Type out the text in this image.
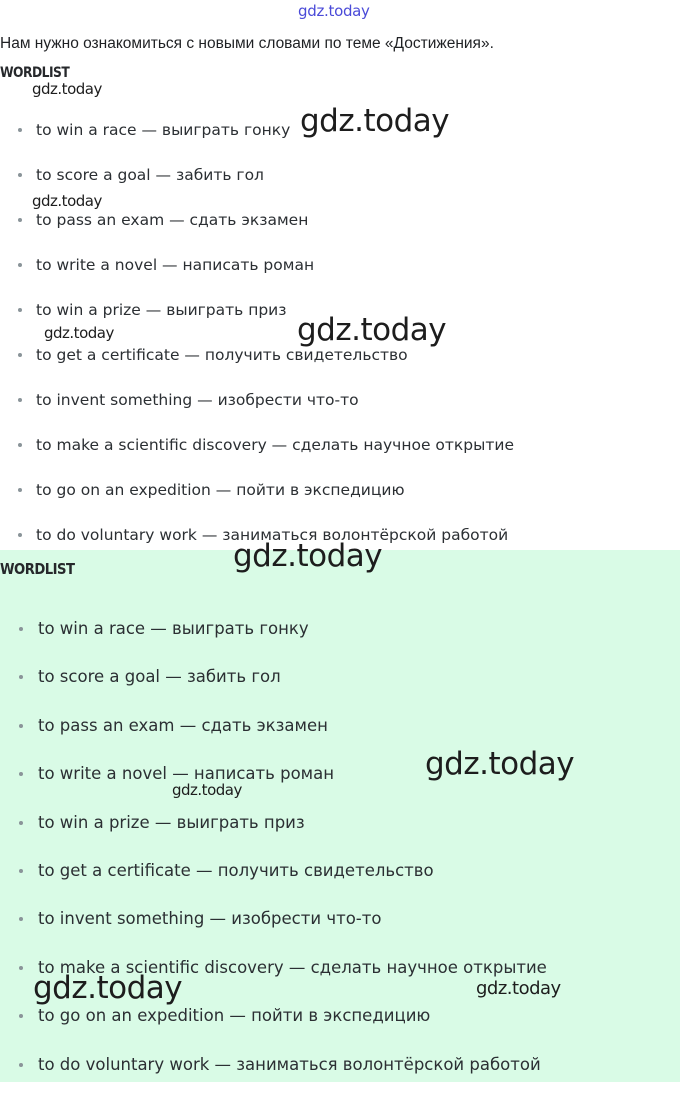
gdz.today
Нам нужно ознакомиться с новыми словами по теме «Достижения».
WORDLIST
to win a race — выиграть гонку
to score a goal — забить гол
to pass an exam — сдать экзамен
to write a novel — написать роман
to win a prize — выиграть приз
to get a certificate — получить свидетельство
to invent something — изобрести что-то
to make a scientific discovery — сделать научное открытие
to go on an expedition — пойти в экспедицию
to do voluntary work — заниматься волонтёрской работой
WORDLIST
to win a race — выиграть гонку
to score a goal — забить гол
to pass an exam — сдать экзамен
to write a novel — написать роман
to win a prize — выиграть приз
to get a certificate — получить свидетельство
to invent something — изобрести что-то
to make a scientific discovery — сделать научное открытие
to go on an expedition — пойти в экспедицию
to do voluntary work — заниматься волонтёрской работой
gdz.today
gdz.today
gdz.today
gdz.today	gdz.today
gdz.today
gdz.today
gdz.today
gdz.today	gdz.today
